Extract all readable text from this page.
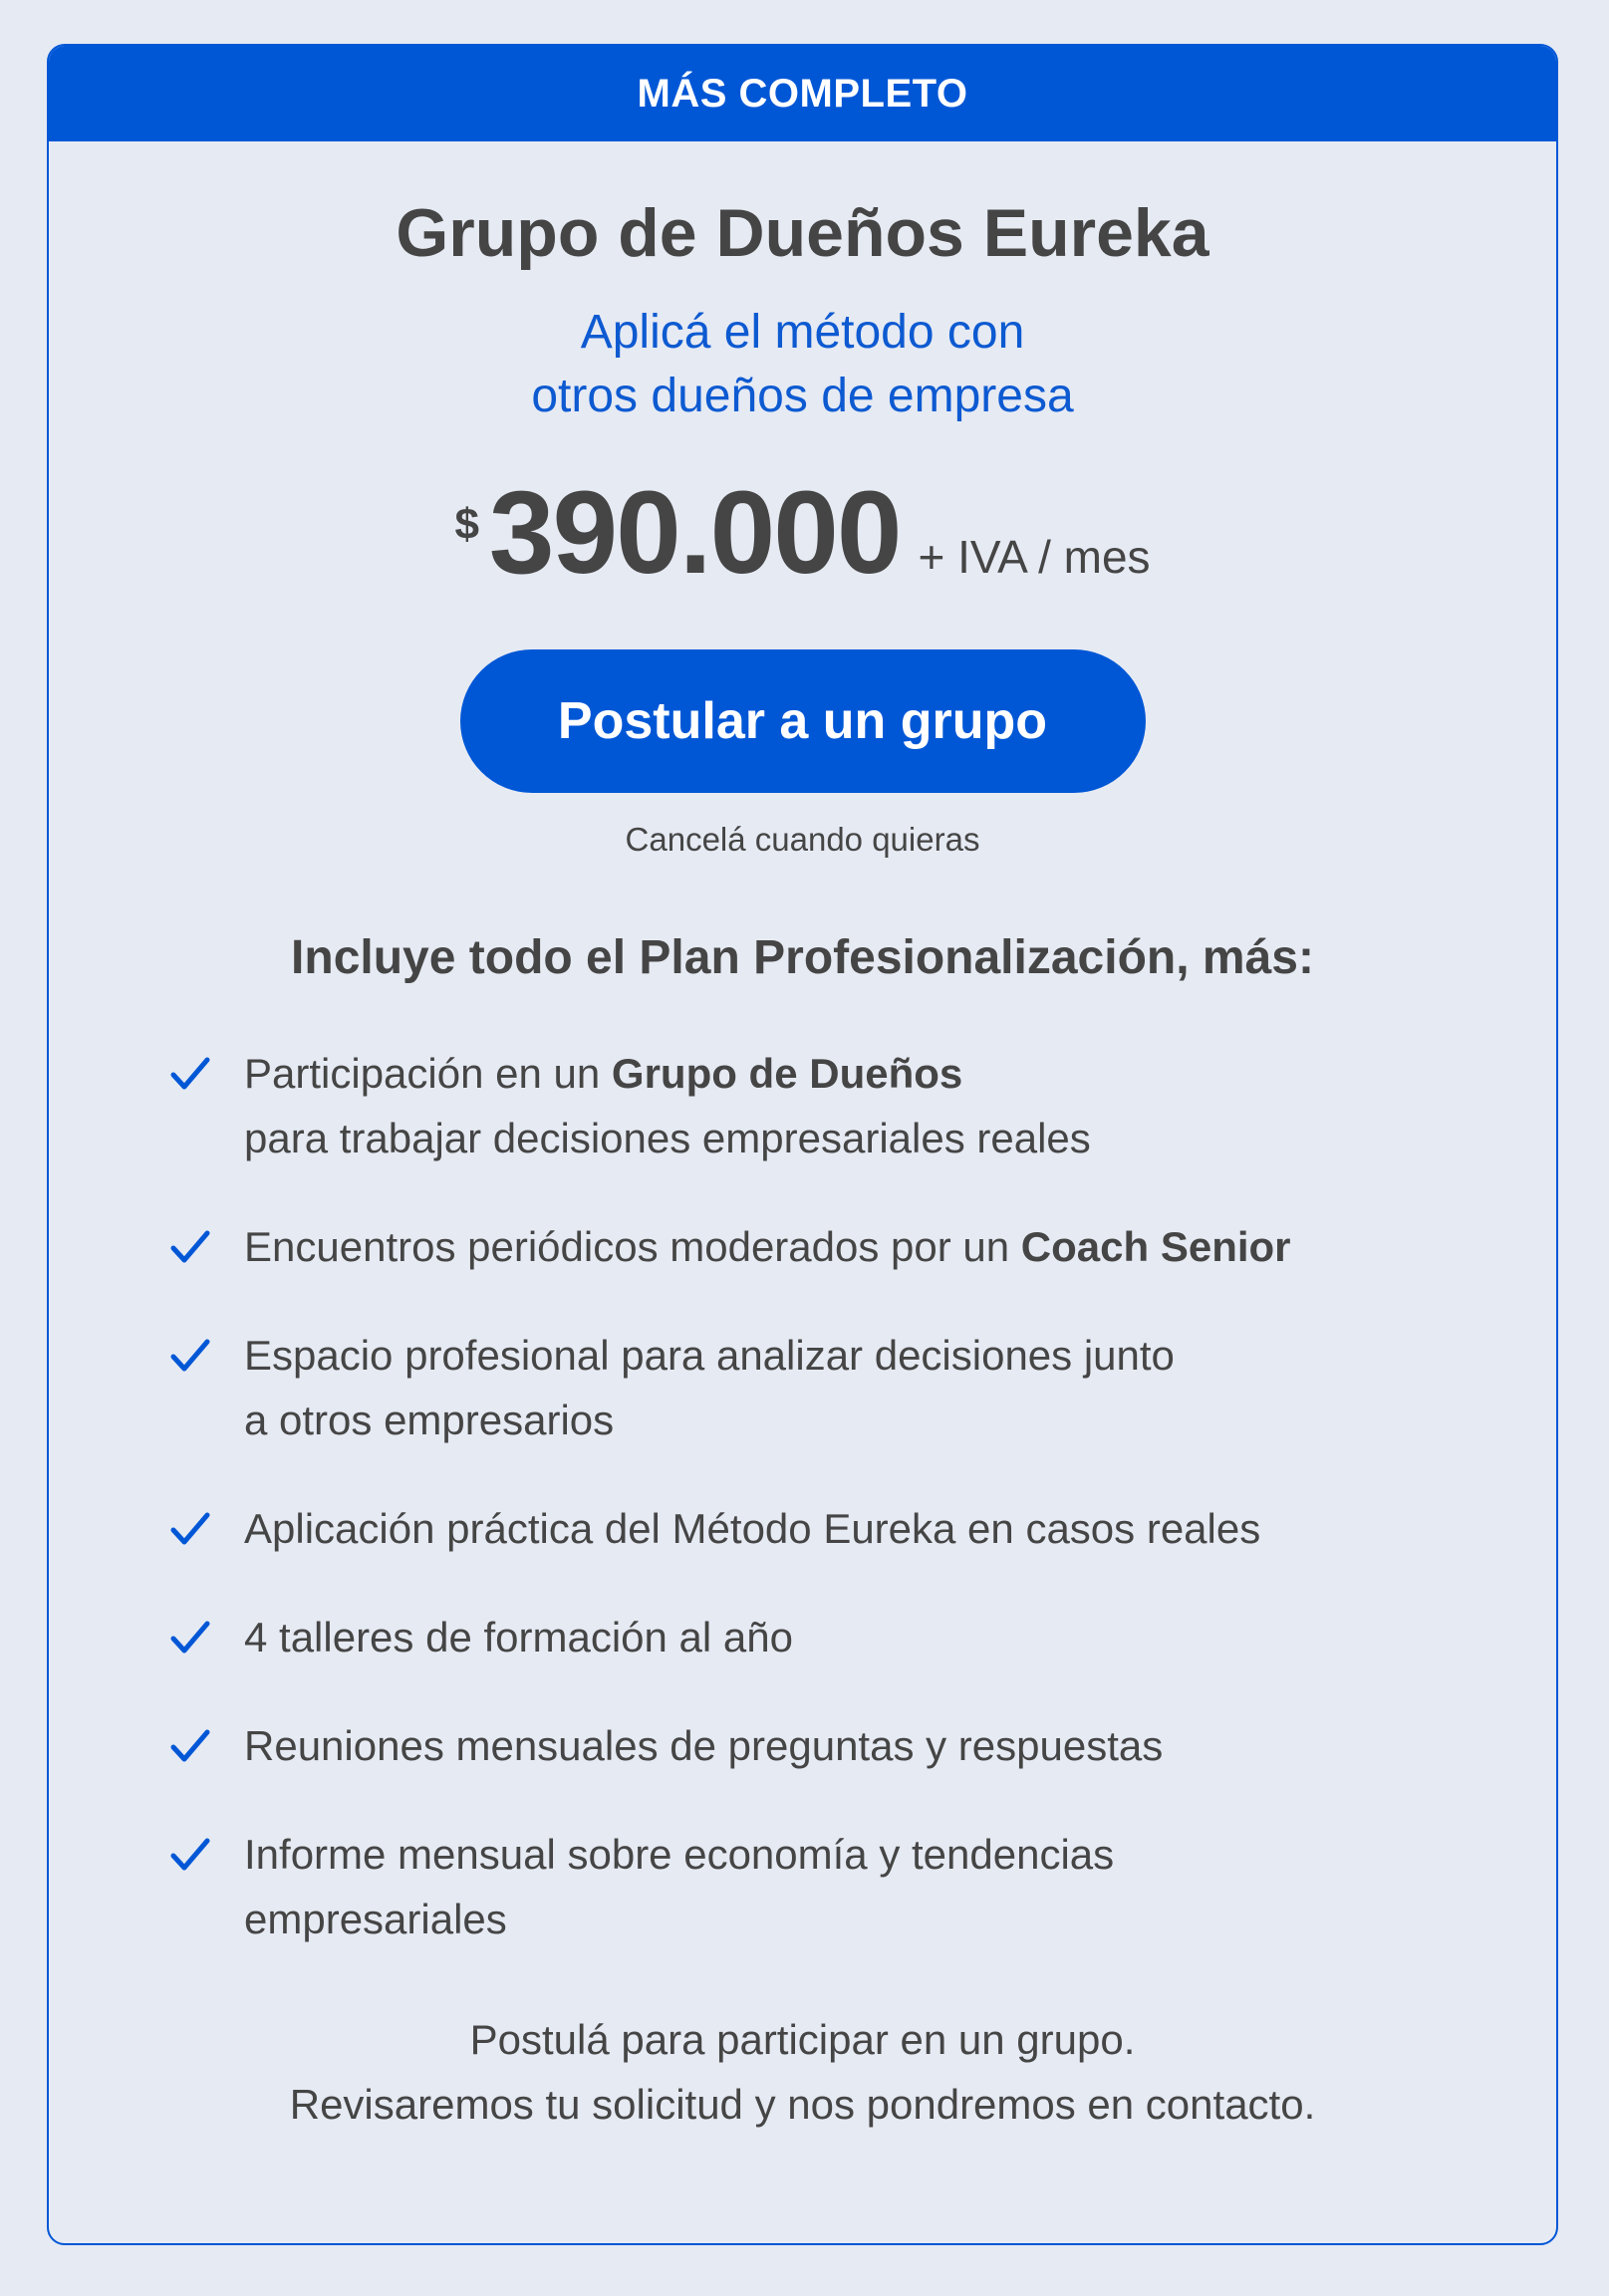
MÁS COMPLETO
Grupo de Dueños Eureka
Aplicá el método con
otros dueños de empresa
$ 390.000 + IVA / mes
Postular a un grupo
Cancelá cuando quieras
Incluye todo el Plan Profesionalización, más:
Participación en un Grupo de Dueños
para trabajar decisiones empresariales reales
Encuentros periódicos moderados por un Coach Senior
Espacio profesional para analizar decisiones junto
a otros empresarios
Aplicación práctica del Método Eureka en casos reales
4 talleres de formación al año
Reuniones mensuales de preguntas y respuestas
Informe mensual sobre economía y tendencias
empresariales
Postulá para participar en un grupo.
Revisaremos tu solicitud y nos pondremos en contacto.
